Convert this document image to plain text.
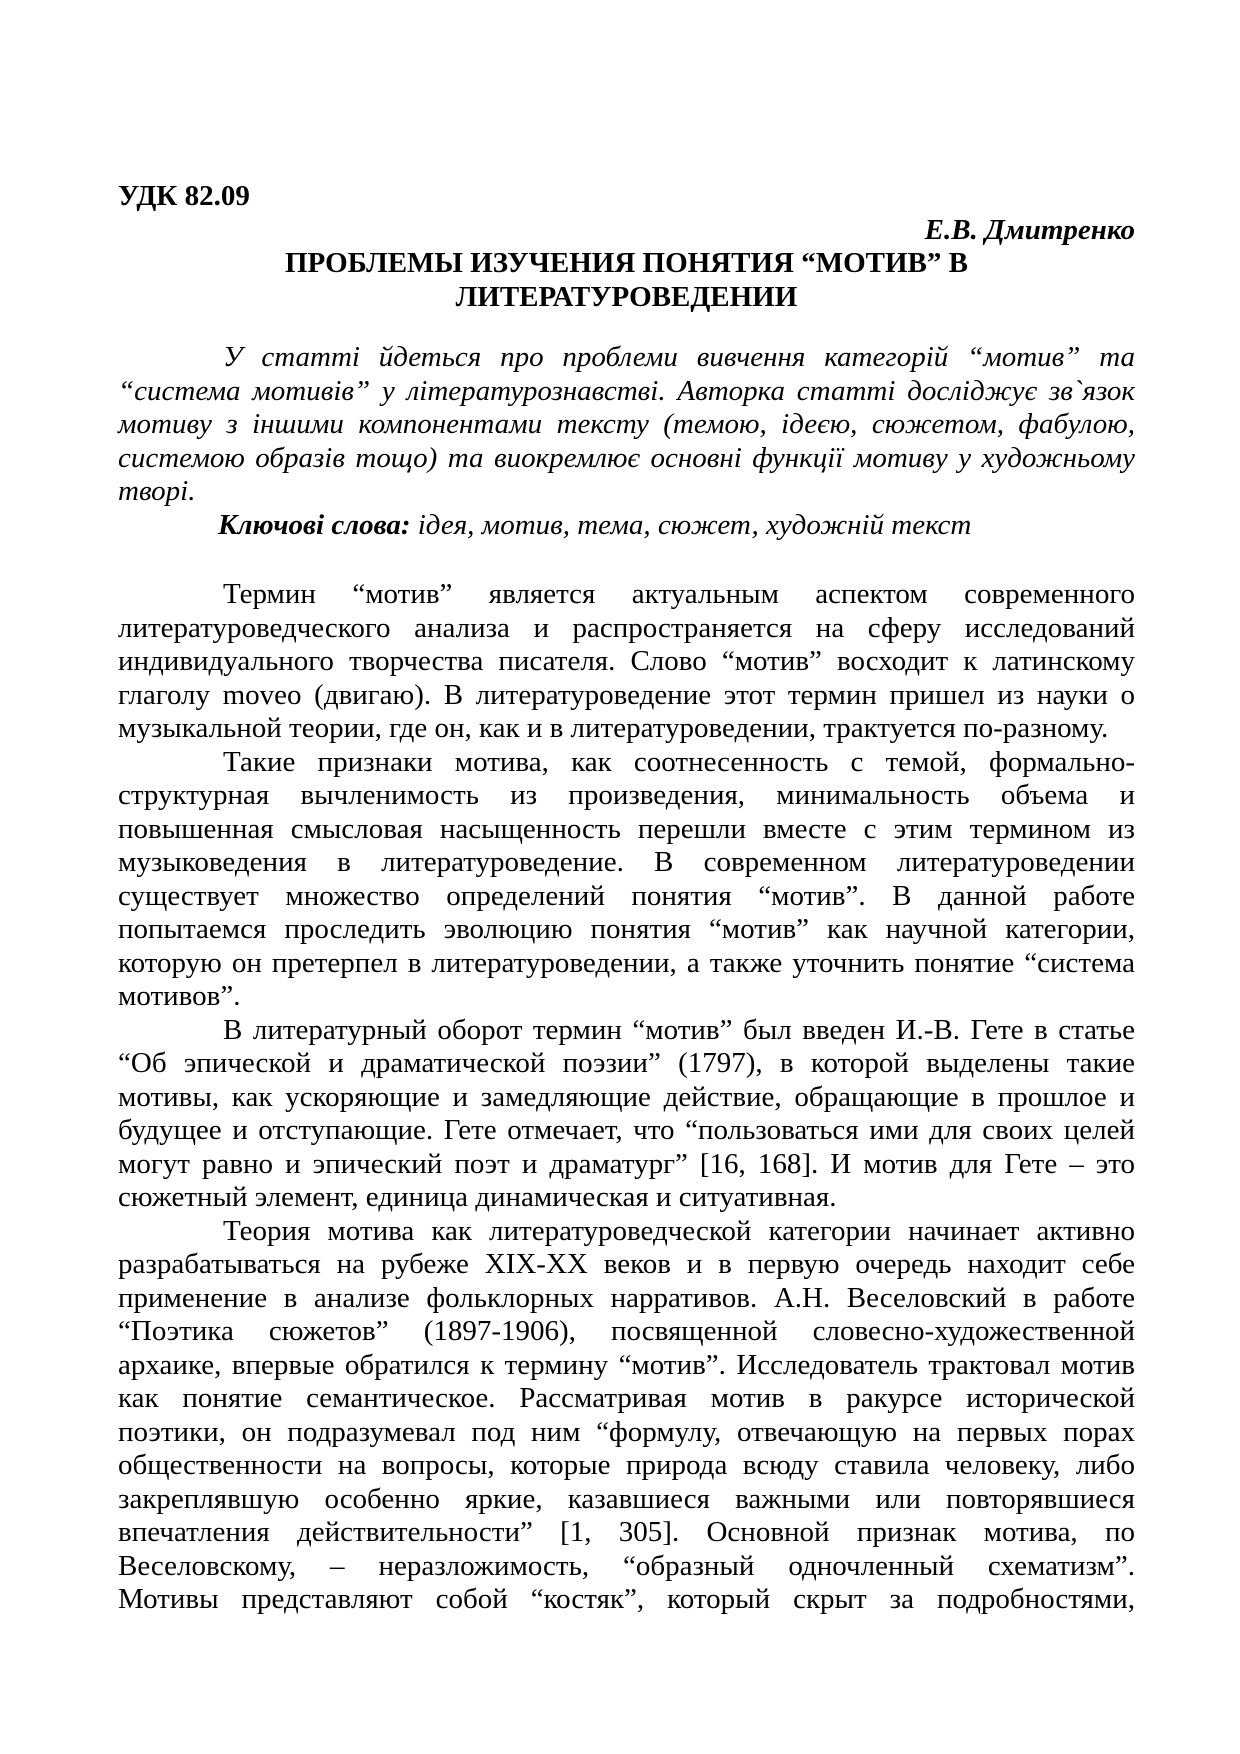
УДК 82.09
Е.В. Дмитренко
ПРОБЛЕМЫ ИЗУЧЕНИЯ ПОНЯТИЯ “МОТИВ” В
ЛИТЕРАТУРОВЕДЕНИИ
У статті йдеться про проблеми вивчення категорій “мотив” та
“система мотивів” у літературознавстві. Авторка статті досліджує зв`язок
мотиву з іншими компонентами тексту (темою, ідеєю, сюжетом, фабулою,
системою образів тощо) та виокремлює основні функції мотиву у художньому
творі.
Ключові слова: ідея, мотив, тема, сюжет, художній текст
Термин “мотив” является актуальным аспектом современного
литературоведческого анализа и распространяется на сферу исследований
индивидуального творчества писателя. Слово “мотив” восходит к латинскому
глаголу moveo (двигаю). В литературоведение этот термин пришел из науки о
музыкальной теории, где он, как и в литературоведении, трактуется по-разному.
Такие признаки мотива, как соотнесенность с темой, формально-
структурная вычленимость из произведения, минимальность объема и
повышенная смысловая насыщенность перешли вместе с этим термином из
музыковедения в литературоведение. В современном литературоведении
существует множество определений понятия “мотив”. В данной работе
попытаемся проследить эволюцию понятия “мотив” как научной категории,
которую он претерпел в литературоведении, а также уточнить понятие “система
мотивов”.
В литературный оборот термин “мотив” был введен И.-В. Гете в статье
“Об эпической и драматической поэзии” (1797), в которой выделены такие
мотивы, как ускоряющие и замедляющие действие, обращающие в прошлое и
будущее и отступающие. Гете отмечает, что “пользоваться ими для своих целей
могут равно и эпический поэт и драматург” [16, 168]. И мотив для Гете – это
сюжетный элемент, единица динамическая и ситуативная.
Теория мотива как литературоведческой категории начинает активно
разрабатываться на рубеже XIX-XX веков и в первую очередь находит себе
применение в анализе фольклорных нарративов. А.Н. Веселовский в работе
“Поэтика сюжетов” (1897-1906), посвященной словесно-художественной
архаике, впервые обратился к термину “мотив”. Исследователь трактовал мотив
как понятие семантическое. Рассматривая мотив в ракурсе исторической
поэтики, он подразумевал под ним “формулу, отвечающую на первых порах
общественности на вопросы, которые природа всюду ставила человеку, либо
закреплявшую особенно яркие, казавшиеся важными или повторявшиеся
впечатления действительности” [1, 305]. Основной признак мотива, по
Веселовскому, – неразложимость, “образный одночленный схематизм”.
Мотивы представляют собой “костяк”, который скрыт за подробностями,
